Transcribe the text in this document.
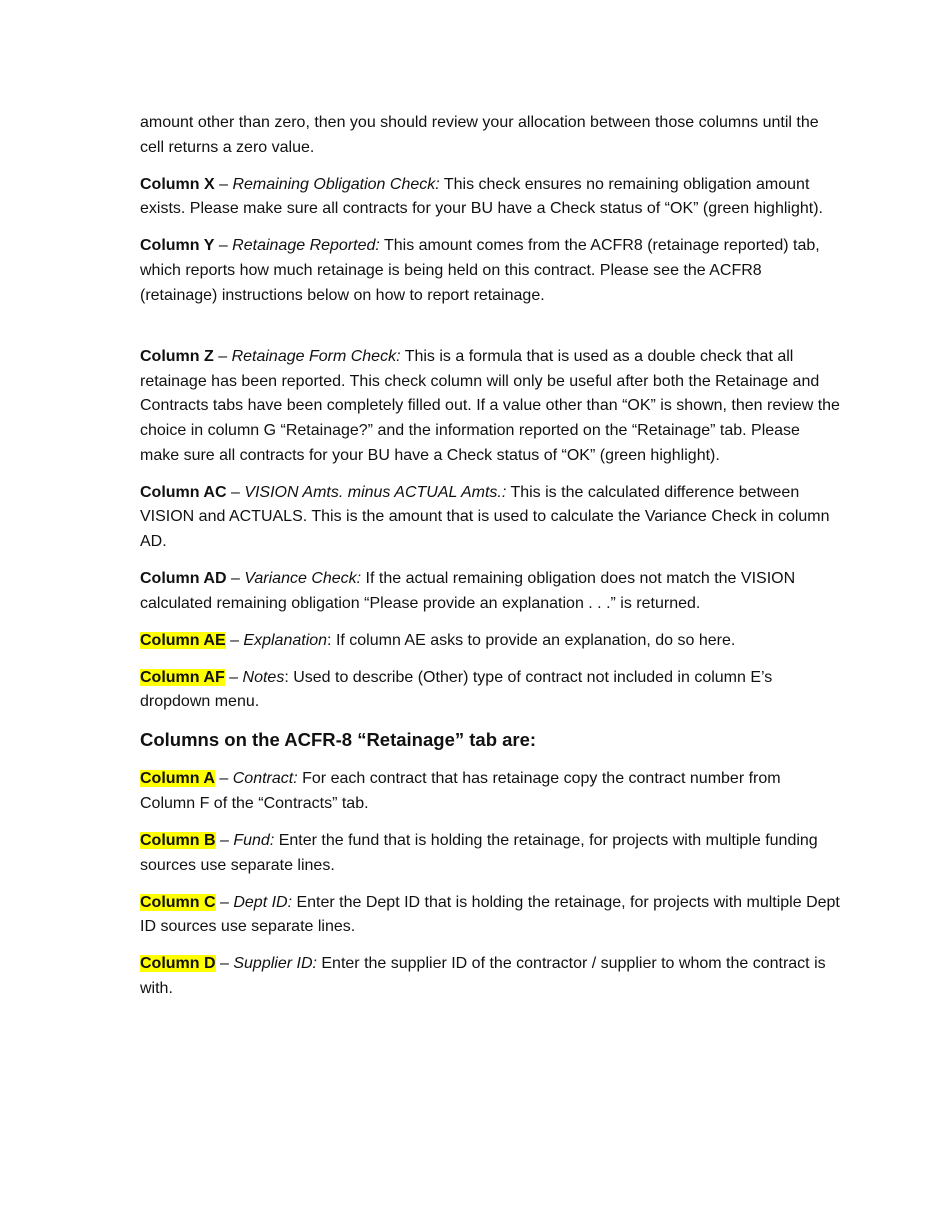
amount other than zero, then you should review your allocation between those columns until the cell returns a zero value.

Column X – Remaining Obligation Check: This check ensures no remaining obligation amount exists. Please make sure all contracts for your BU have a Check status of “OK” (green highlight).

Column Y – Retainage Reported: This amount comes from the ACFR8 (retainage reported) tab, which reports how much retainage is being held on this contract. Please see the ACFR8 (retainage) instructions below on how to report retainage.

Column Z – Retainage Form Check: This is a formula that is used as a double check that all retainage has been reported. This check column will only be useful after both the Retainage and Contracts tabs have been completely filled out. If a value other than “OK” is shown, then review the choice in column G “Retainage?” and the information reported on the “Retainage” tab. Please make sure all contracts for your BU have a Check status of “OK” (green highlight).

Column AC – VISION Amts. minus ACTUAL Amts.: This is the calculated difference between VISION and ACTUALS. This is the amount that is used to calculate the Variance Check in column AD.

Column AD – Variance Check: If the actual remaining obligation does not match the VISION calculated remaining obligation “Please provide an explanation . . .” is returned.

Column AE – Explanation: If column AE asks to provide an explanation, do so here.

Column AF – Notes: Used to describe (Other) type of contract not included in column E’s dropdown menu.

Columns on the ACFR-8 “Retainage” tab are:

Column A – Contract: For each contract that has retainage copy the contract number from Column F of the “Contracts” tab.

Column B – Fund: Enter the fund that is holding the retainage, for projects with multiple funding sources use separate lines.

Column C – Dept ID: Enter the Dept ID that is holding the retainage, for projects with multiple Dept ID sources use separate lines.

Column D – Supplier ID: Enter the supplier ID of the contractor / supplier to whom the contract is with.
